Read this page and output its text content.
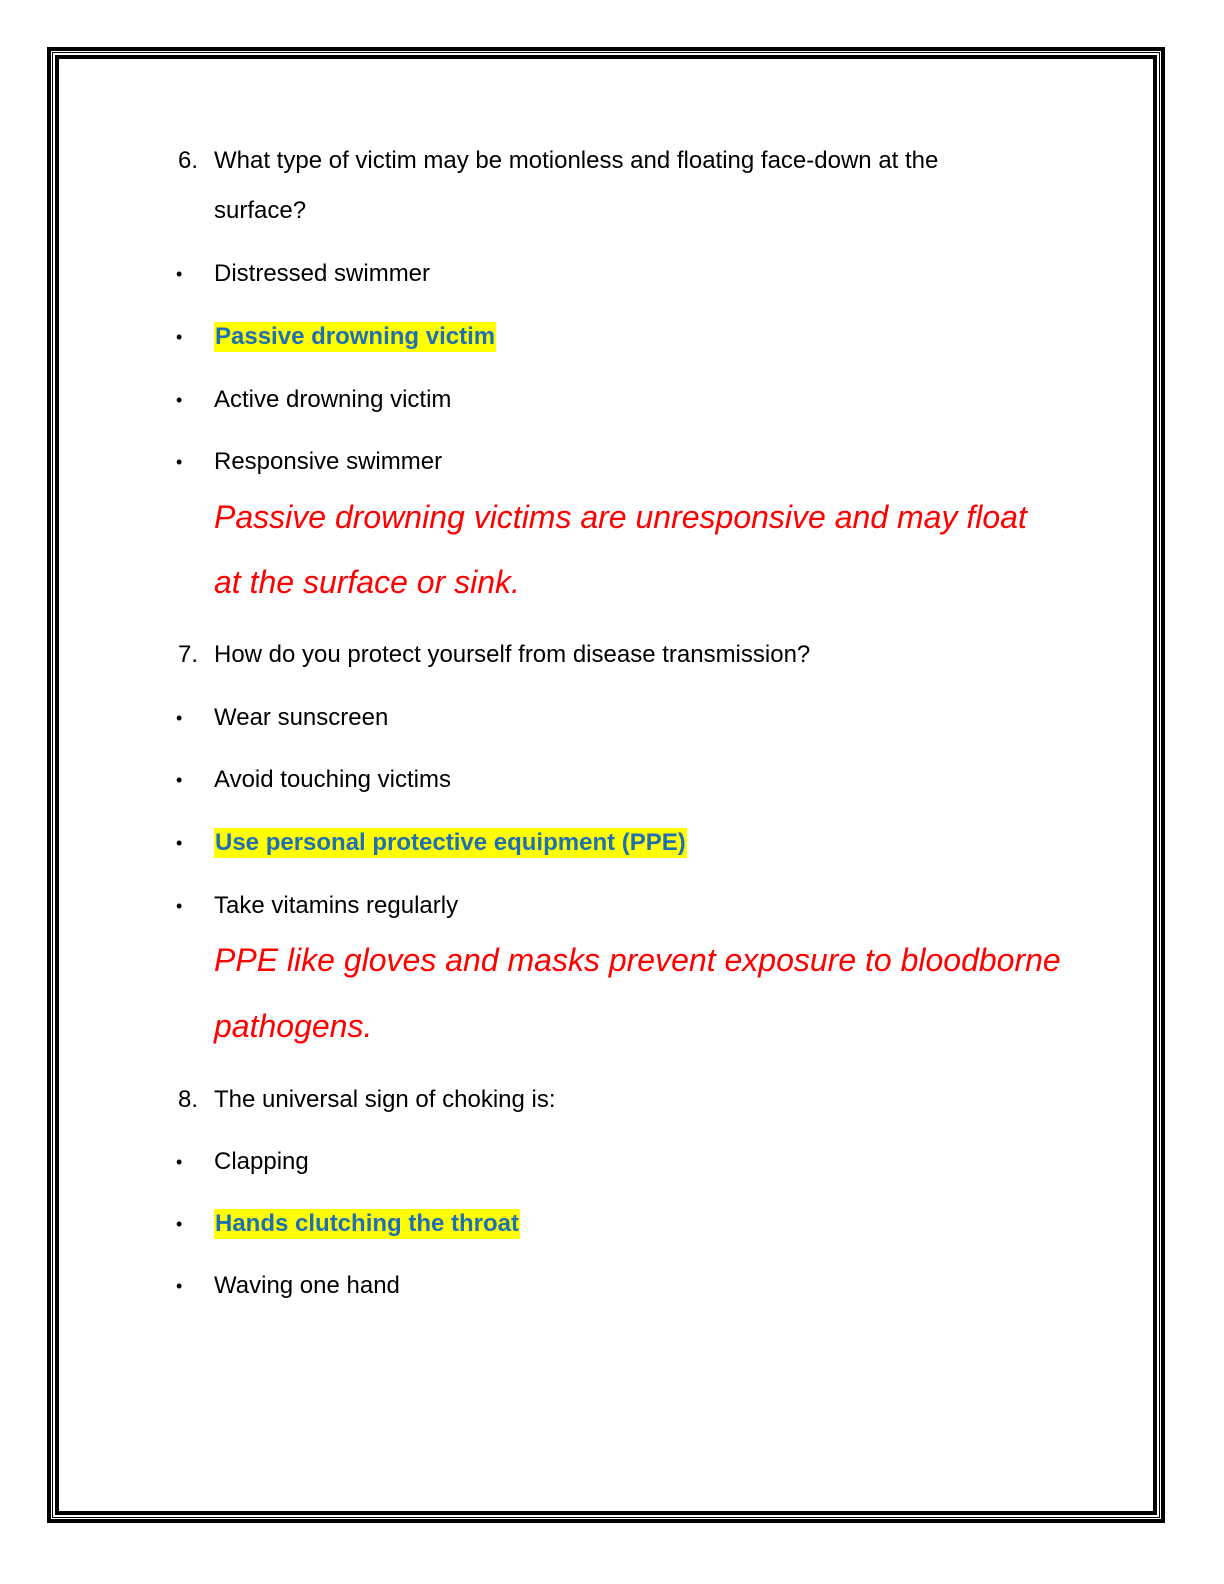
6. What type of victim may be motionless and floating face-down at the
surface?
• Distressed swimmer
• Passive drowning victim
• Active drowning victim
• Responsive swimmer
Passive drowning victims are unresponsive and may float
at the surface or sink.
7. How do you protect yourself from disease transmission?
• Wear sunscreen
• Avoid touching victims
• Use personal protective equipment (PPE)
• Take vitamins regularly
PPE like gloves and masks prevent exposure to bloodborne
pathogens.
8. The universal sign of choking is:
• Clapping
• Hands clutching the throat
• Waving one hand
